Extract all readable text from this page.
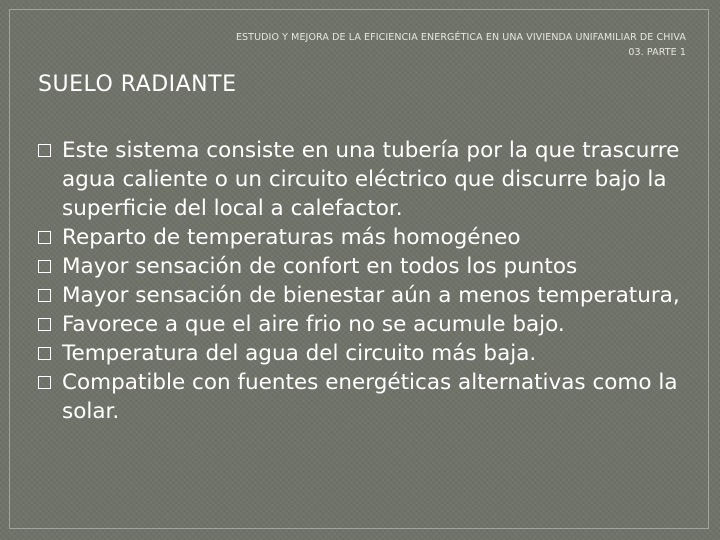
ESTUDIO Y MEJORA DE LA EFICIENCIA ENERGÉTICA EN UNA VIVIENDA UNIFAMILIAR DE CHIVA
03. PARTE 1
SUELO RADIANTE
Este sistema consiste en una tubería por la que trascurre agua caliente o un circuito eléctrico que discurre bajo la superficie del local a calefactor.
Reparto de temperaturas más homogéneo
Mayor sensación de confort en todos los puntos
Mayor sensación de bienestar aún a menos temperatura,
Favorece a que el aire frio no se acumule bajo.
Temperatura del agua del circuito más baja.
Compatible con fuentes energéticas alternativas como la solar.
